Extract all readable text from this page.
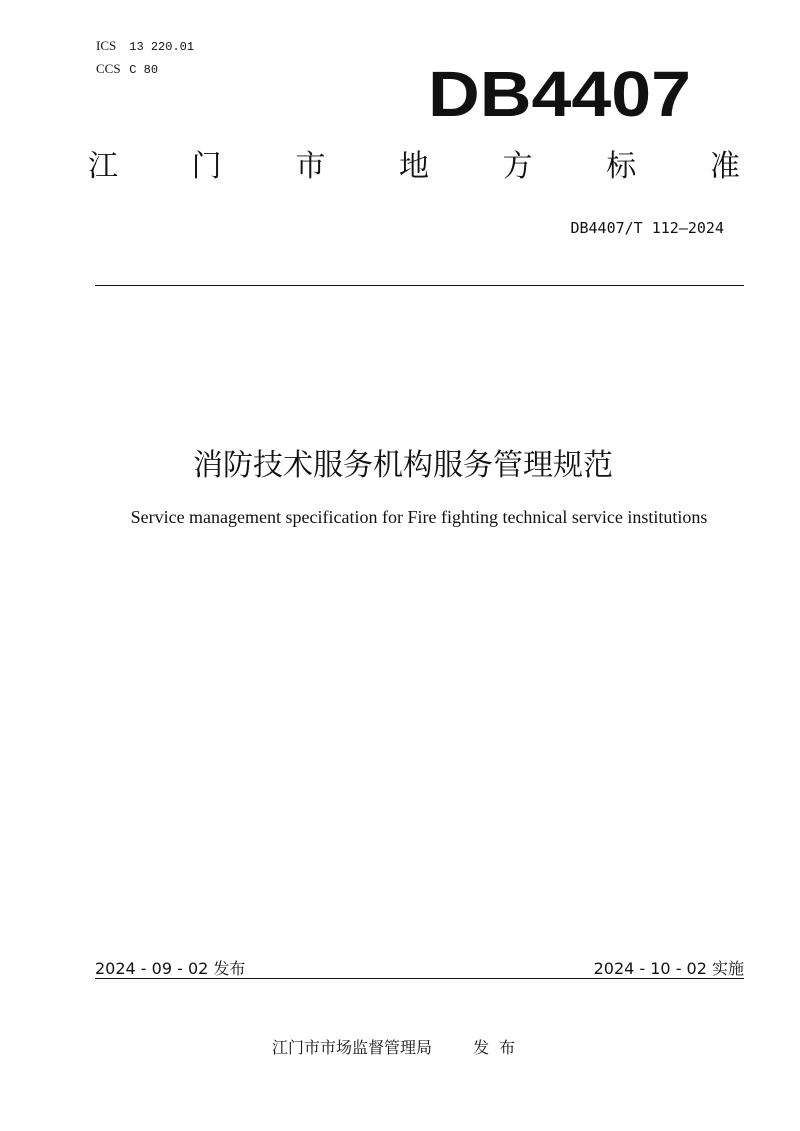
ICS 13 220.01
CCS C 80	DB4407
江 门 市 地 方 标 准
DB4407/T 112—2024
消防技术服务机构服务管理规范
Service management specification for Fire fighting technical service institutions
2024 - 09 - 02 发布	2024 - 10 - 02 实施
江门市市场监督管理局	发布
